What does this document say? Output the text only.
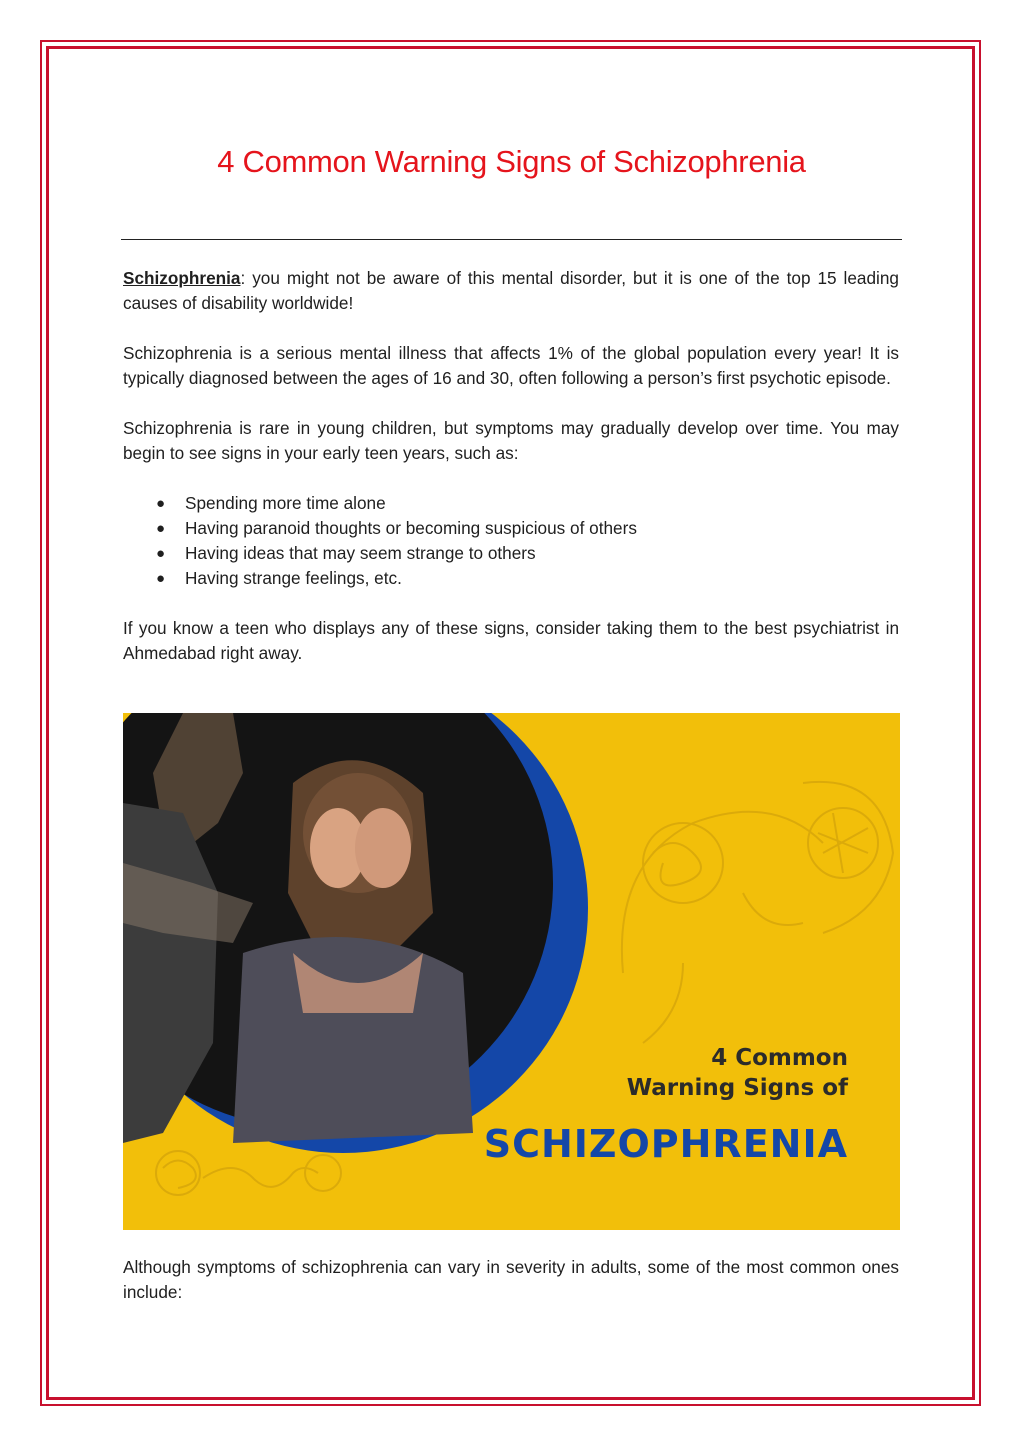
4 Common Warning Signs of Schizophrenia

Schizophrenia: you might not be aware of this mental disorder, but it is one of the top 15 leading causes of disability worldwide!

Schizophrenia is a serious mental illness that affects 1% of the global population every year! It is typically diagnosed between the ages of 16 and 30, often following a person’s first psychotic episode.

Schizophrenia is rare in young children, but symptoms may gradually develop over time. You may begin to see signs in your early teen years, such as:

● Spending more time alone
● Having paranoid thoughts or becoming suspicious of others
● Having ideas that may seem strange to others
● Having strange feelings, etc.

If you know a teen who displays any of these signs, consider taking them to the best psychiatrist in Ahmedabad right away.

4 Common
Warning Signs of
SCHIZOPHRENIA

Although symptoms of schizophrenia can vary in severity in adults, some of the most common ones include:
